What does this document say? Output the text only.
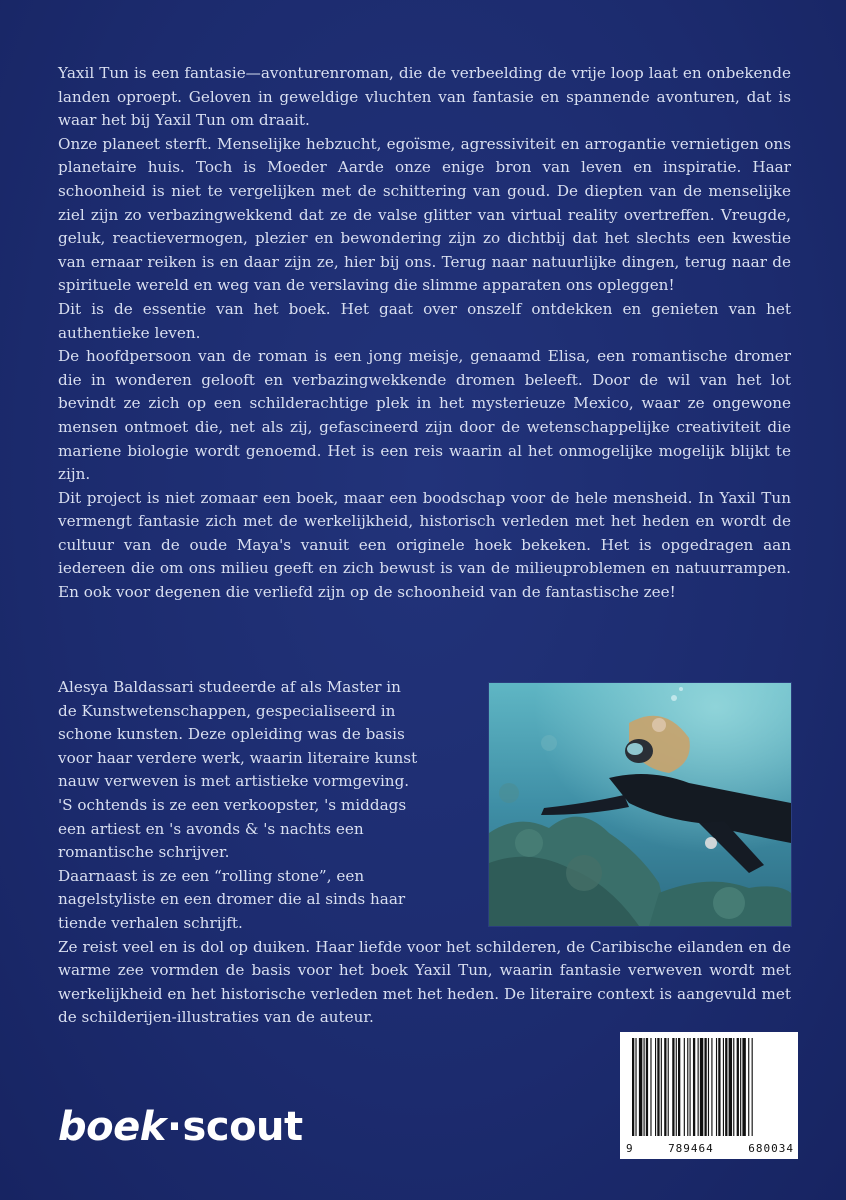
Yaxil Tun is een fantasie—avonturenroman, die de verbeelding de vrije loop laat en onbekende landen oproept. Geloven in geweldige vluchten van fantasie en spannende avonturen, dat is waar het bij Yaxil Tun om draait.

Onze planeet sterft. Menselijke hebzucht, egoïsme, agressiviteit en arrogantie vernietigen ons planetaire huis. Toch is Moeder Aarde onze enige bron van leven en inspiratie. Haar schoonheid is niet te vergelijken met de schittering van goud. De diepten van de menselijke ziel zijn zo verbazingwekkend dat ze de valse glitter van virtual reality overtreffen. Vreugde, geluk, reactievermogen, plezier en bewondering zijn zo dichtbij dat het slechts een kwestie van ernaar reiken is en daar zijn ze, hier bij ons. Terug naar natuurlijke dingen, terug naar de spirituele wereld en weg van de verslaving die slimme apparaten ons opleggen!

Dit is de essentie van het boek. Het gaat over onszelf ontdekken en genieten van het authentieke leven.

De hoofdpersoon van de roman is een jong meisje, genaamd Elisa, een romantische dromer die in wonderen gelooft en verbazingwekkende dromen beleeft. Door de wil van het lot bevindt ze zich op een schilderachtige plek in het mysterieuze Mexico, waar ze ongewone mensen ontmoet die, net als zij, gefascineerd zijn door de wetenschappelijke creativiteit die mariene biologie wordt genoemd. Het is een reis waarin al het onmogelijke mogelijk blijkt te zijn.

Dit project is niet zomaar een boek, maar een boodschap voor de hele mensheid. In Yaxil Tun vermengt fantasie zich met de werkelijkheid, historisch verleden met het heden en wordt de cultuur van de oude Maya's vanuit een originele hoek bekeken. Het is opgedragen aan iedereen die om ons milieu geeft en zich bewust is van de milieuproblemen en natuurrampen. En ook voor degenen die verliefd zijn op de schoonheid van de fantastische zee!

Alesya Baldassari studeerde af als Master in de Kunstwetenschappen, gespecialiseerd in schone kunsten. Deze opleiding was de basis voor haar verdere werk, waarin literaire kunst nauw verweven is met artistieke vormgeving.

'S ochtends is ze een verkoopster, 's middags een artiest en 's avonds & 's nachts een romantische schrijver.

Daarnaast is ze een “rolling stone”, een nagelstyliste en een dromer die al sinds haar tiende verhalen schrijft.

Ze reist veel en is dol op duiken. Haar liefde voor het schilderen, de Caribische eilanden en de warme zee vormden de basis voor het boek Yaxil Tun, waarin fantasie verweven wordt met werkelijkheid en het historische verleden met het heden. De literaire context is aangevuld met de schilderijen-illustraties van de auteur.

9	789464	680034
boek·scout
